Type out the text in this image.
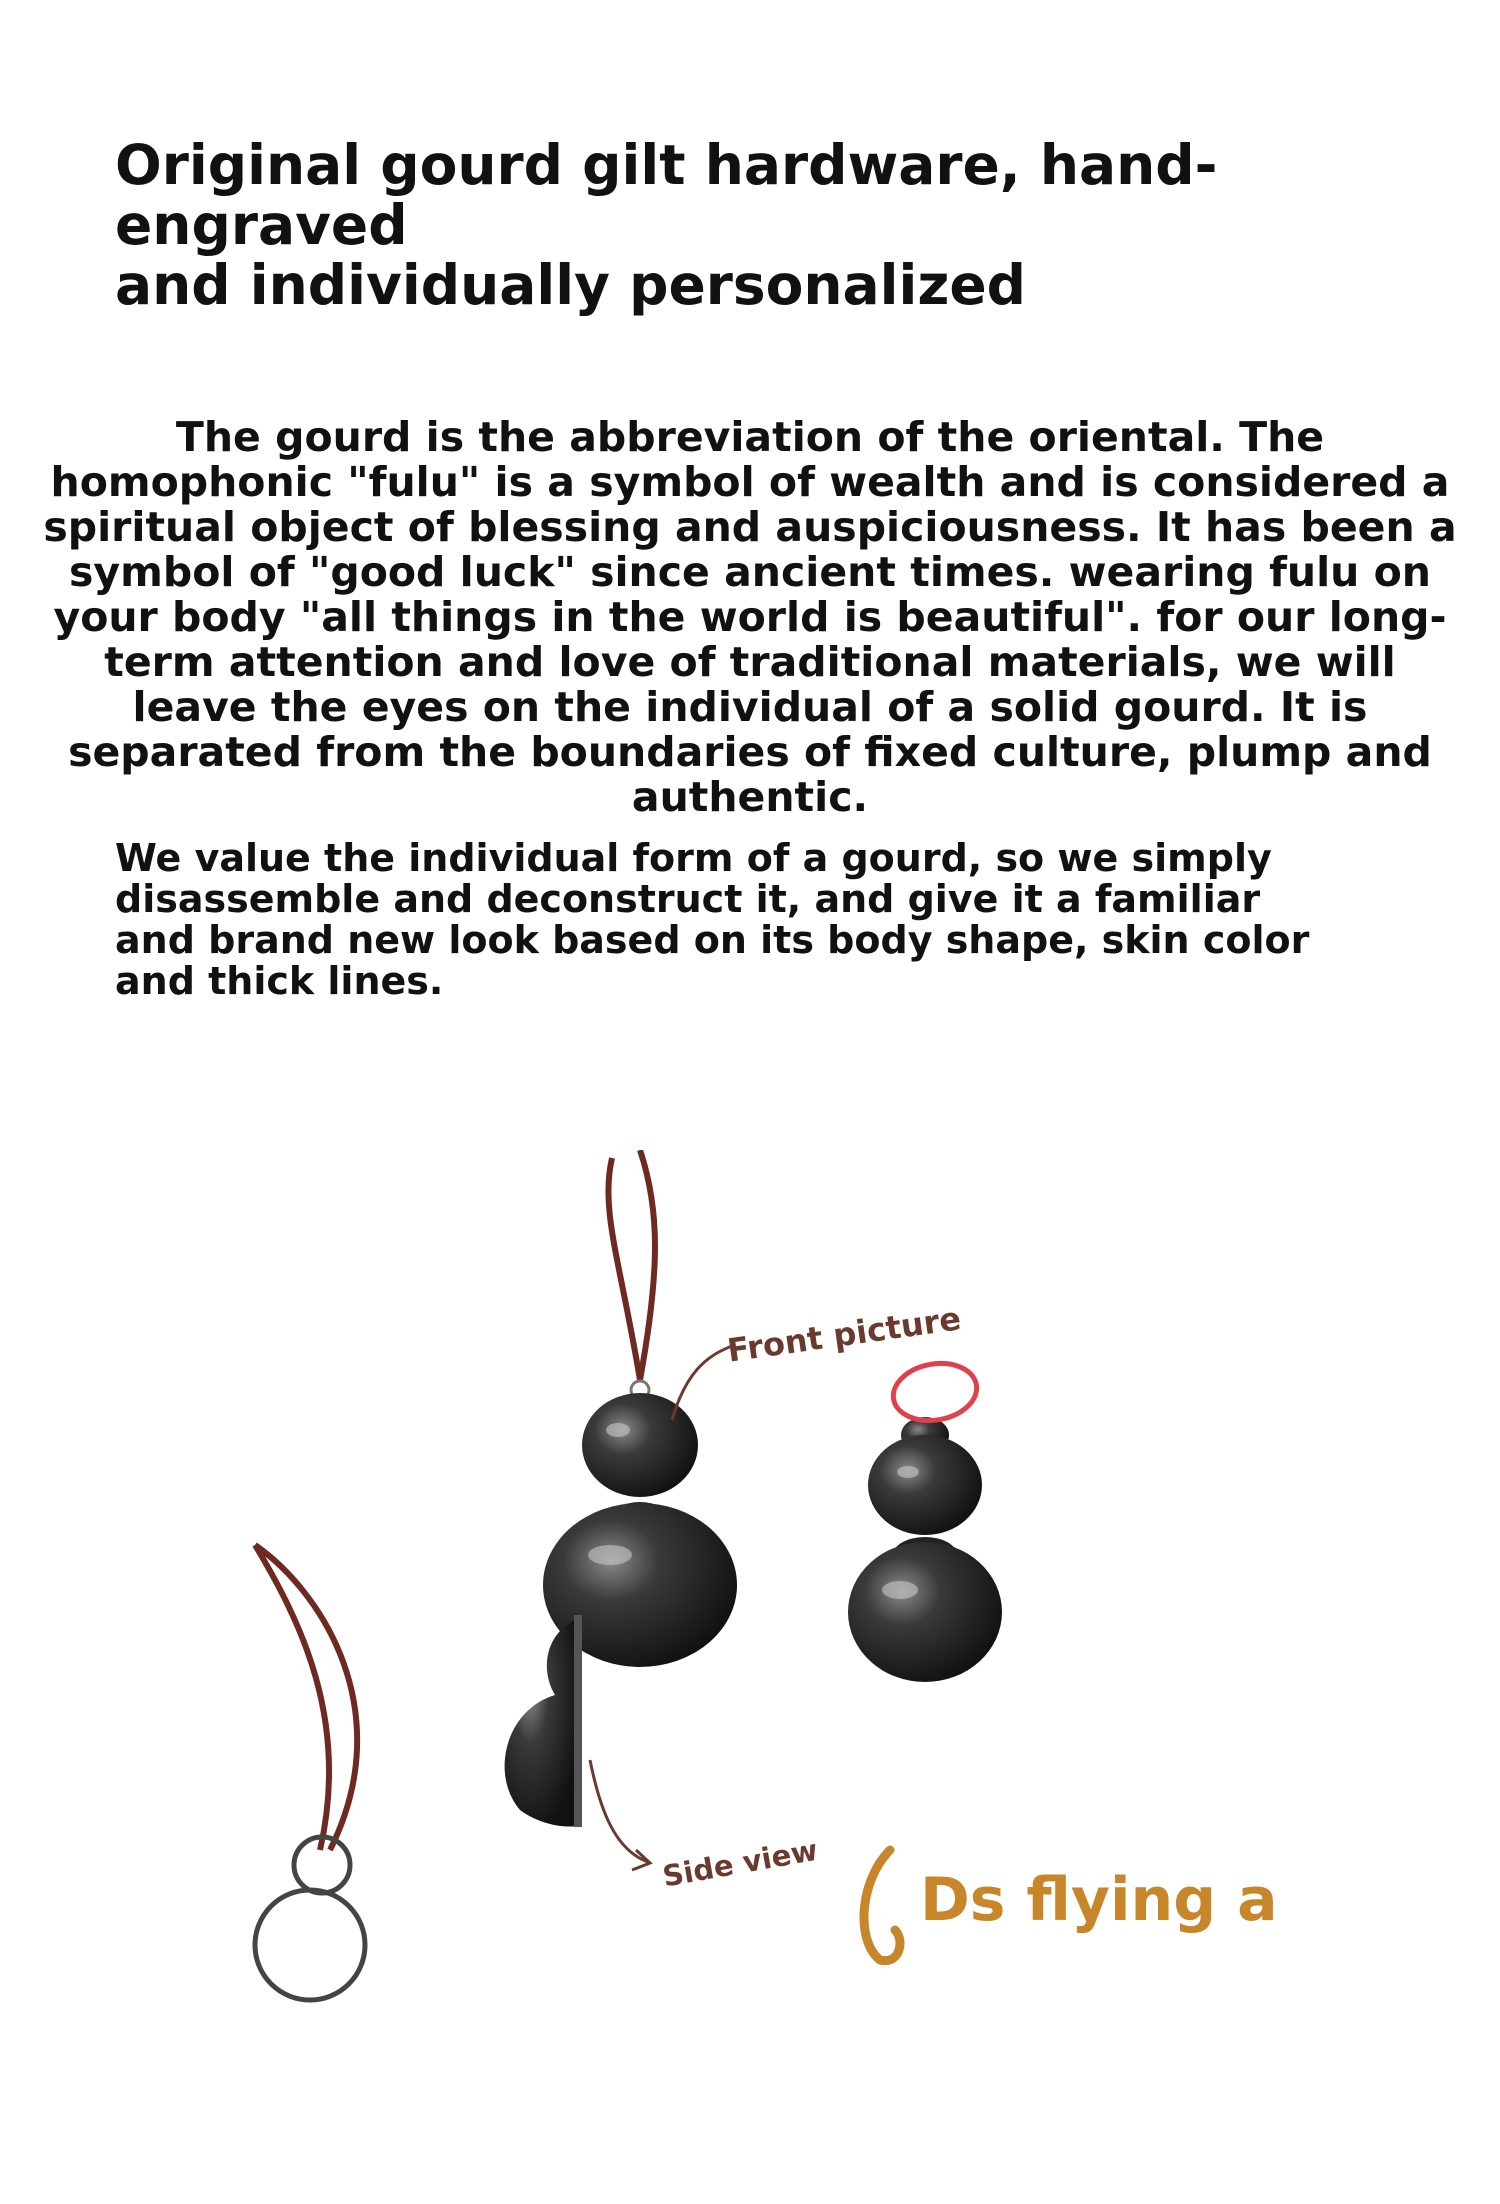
Original gourd gilt hardware, hand-engraved
and individually personalized

The gourd is the abbreviation of the oriental. The homophonic "fulu" is a symbol of wealth and is considered a spiritual object of blessing and auspiciousness. It has been a symbol of "good luck" since ancient times. wearing fulu on your body "all things in the world is beautiful". for our long-term attention and love of traditional materials, we will leave the eyes on the individual of a solid gourd. It is separated from the boundaries of fixed culture, plump and authentic.

We value the individual form of a gourd, so we simply disassemble and deconstruct it, and give it a familiar and brand new look based on its body shape, skin color and thick lines.

Front picture
Side view
Ds flying a
